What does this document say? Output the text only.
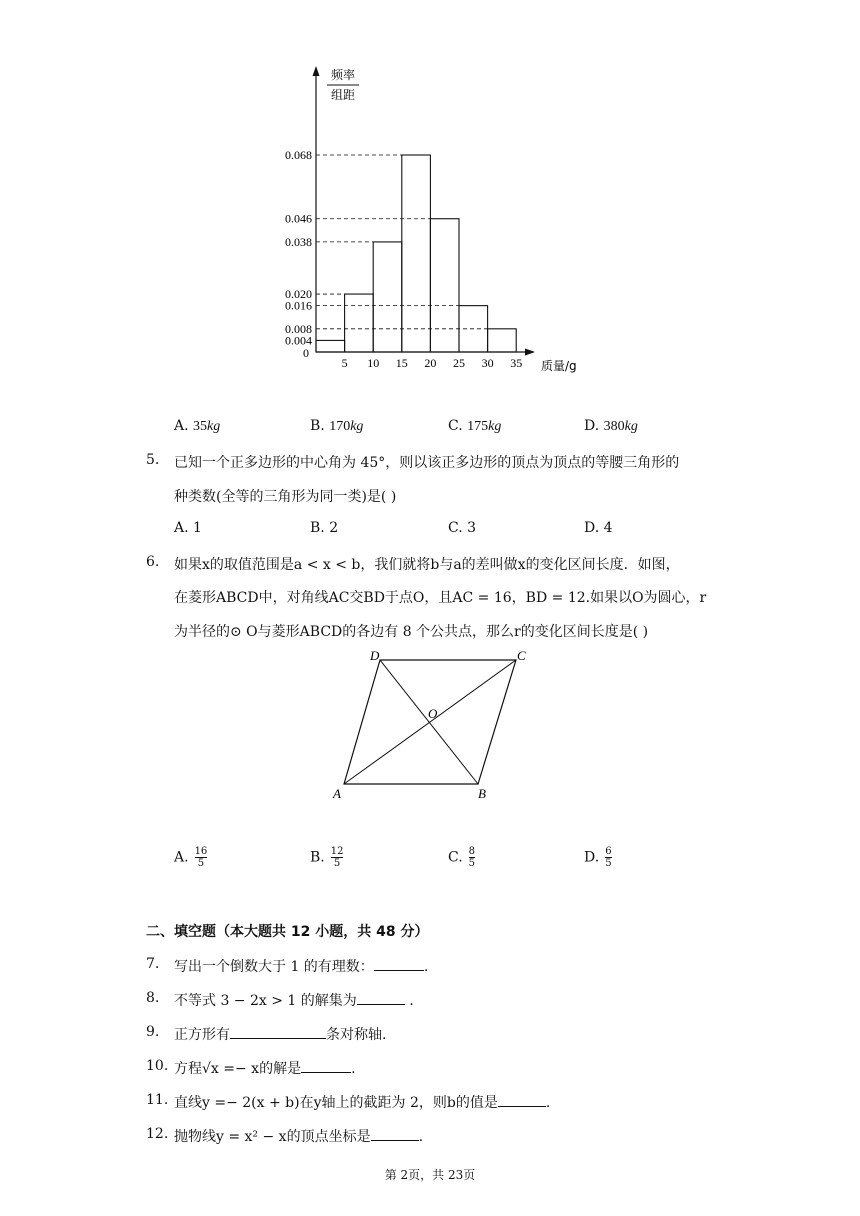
频率
组距
质量/g
0
0.068
0.046
0.038
0.020
0.016
0.008
0.004
5 10 15 20 25 30 35
A. 35kg	B. 170kg	C. 175kg	D. 380kg
5. 已知一个正多边形的中心角为 45°，则以该正多边形的顶点为顶点的等腰三角形的
种类数(全等的三角形为同一类)是( )
A. 1	B. 2	C. 3	D. 4
6. 如果x的取值范围是a < x < b，我们就将b与a的差叫做x的变化区间长度．如图，
在菱形ABCD中，对角线AC交BD于点O，且AC = 16，BD = 12.如果以O为圆心，r
为半径的⊙ O与菱形ABCD的各边有 8 个公共点，那么r的变化区间长度是( )
A	B
C
D
O
A. $\frac{16}{5}$	B. $\frac{12}{5}$	C. $\frac{8}{5}$	D. $\frac{6}{5}$
二、填空题（本大题共 12 小题，共 48 分）
7. 写出一个倒数大于 1 的有理数：	.
8. 不等式 3 − 2x > 1 的解集为	.
9. 正方形有	条对称轴.
10. 方程√x =− x的解是	.
11. 直线y =− 2(x + b)在y轴上的截距为 2，则b的值是	.
12. 抛物线y = x² − x的顶点坐标是	.
第 2页，共 23页
